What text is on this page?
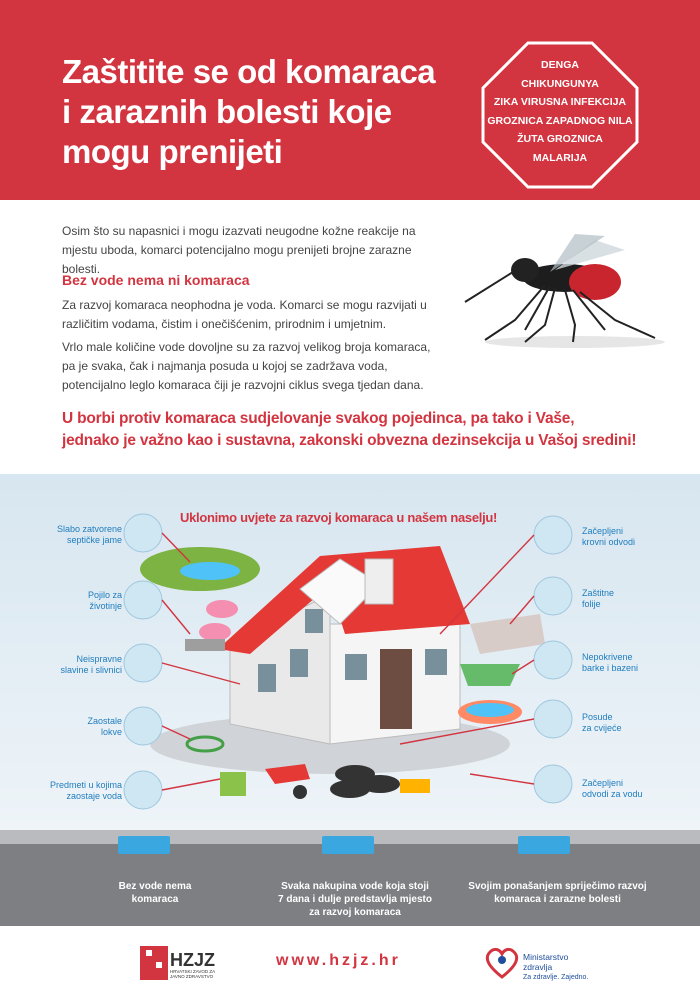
Zaštitite se od komaraca
i zaraznih bolesti koje
mogu prenijeti
DENGA
CHIKUNGUNYA
ZIKA VIRUSNA INFEKCIJA
GROZNICA ZAPADNOG NILA
ŽUTA GROZNICA
MALARIJA
Osim što su napasnici i mogu izazvati neugodne kožne reakcije na mjestu uboda, komarci potencijalno mogu prenijeti brojne zarazne bolesti.
Bez vode nema ni komaraca
Za razvoj komaraca neophodna je voda. Komarci se mogu razvijati u različitim vodama, čistim i onečišćenim, prirodnim i umjetnim.
Vrlo male količine vode dovoljne su za razvoj velikog broja komaraca, pa je svaka, čak i najmanja posuda u kojoj se zadržava voda, potencijalno leglo komaraca čiji je razvojni ciklus svega tjedan dana.
U borbi protiv komaraca sudjelovanje svakog pojedinca, pa tako i Vaše,
jednako je važno kao i sustavna, zakonski obvezna dezinsekcija u Vašoj sredini!
Uklonimo uvjete za razvoj komaraca u našem naselju!
Slabo zatvorene
septičke jame
Pojilo za
životinje
Neispravne
slavine i slivnici
Zaostale
lokve
Predmeti u kojima
zaostaje voda
Začepljeni
krovni odvodi
Zaštitne
folije
Nepokrivene
barke i bazeni
Posude
za cvijeće
Začepljeni
odvodi za vodu
Bez vode nema
komaraca
Svaka nakupina vode koja stoji
7 dana i dulje predstavlja mjesto
za razvoj komaraca
Svojim ponašanjem spriječimo razvoj
komaraca i zarazne bolesti
HZJZ
HRVATSKI ZAVOD ZA
JAVNO ZDRAVSTVO
www.hzjz.hr	Ministarstvo
zdravlja
Za zdravlje. Zajedno.
